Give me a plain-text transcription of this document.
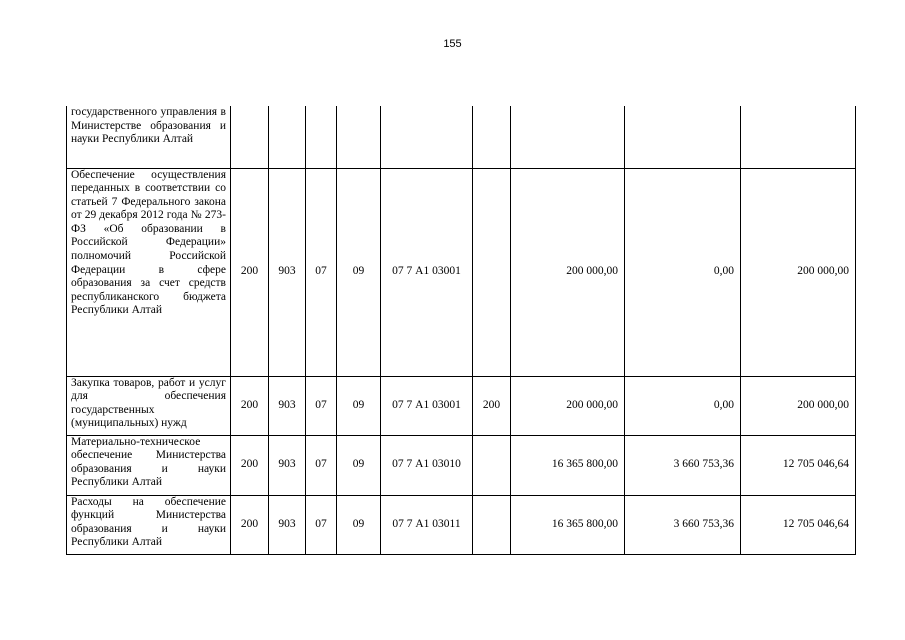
155
государственного управления в Министерстве образования и науки Республики Алтай									
Обеспечение осуществления переданных в соответствии со статьей 7 Федерального закона от 29 декабря 2012 года № 273-ФЗ «Об образовании в Российской Федерации» полномочий Российской Федерации в сфере образования за счет средств республиканского бюджета Республики Алтай	200	903	07	09	07 7 А1 03001		200 000,00	0,00	200 000,00
Закупка товаров, работ и услуг для обеспечения государственных (муниципальных) нужд	200	903	07	09	07 7 А1 03001	200	200 000,00	0,00	200 000,00
Материально-техническое обеспечение Министерства образования и науки Республики Алтай	200	903	07	09	07 7 А1 03010		16 365 800,00	3 660 753,36	12 705 046,64
Расходы на обеспечение функций Министерства образования и науки Республики Алтай	200	903	07	09	07 7 А1 03011		16 365 800,00	3 660 753,36	12 705 046,64
